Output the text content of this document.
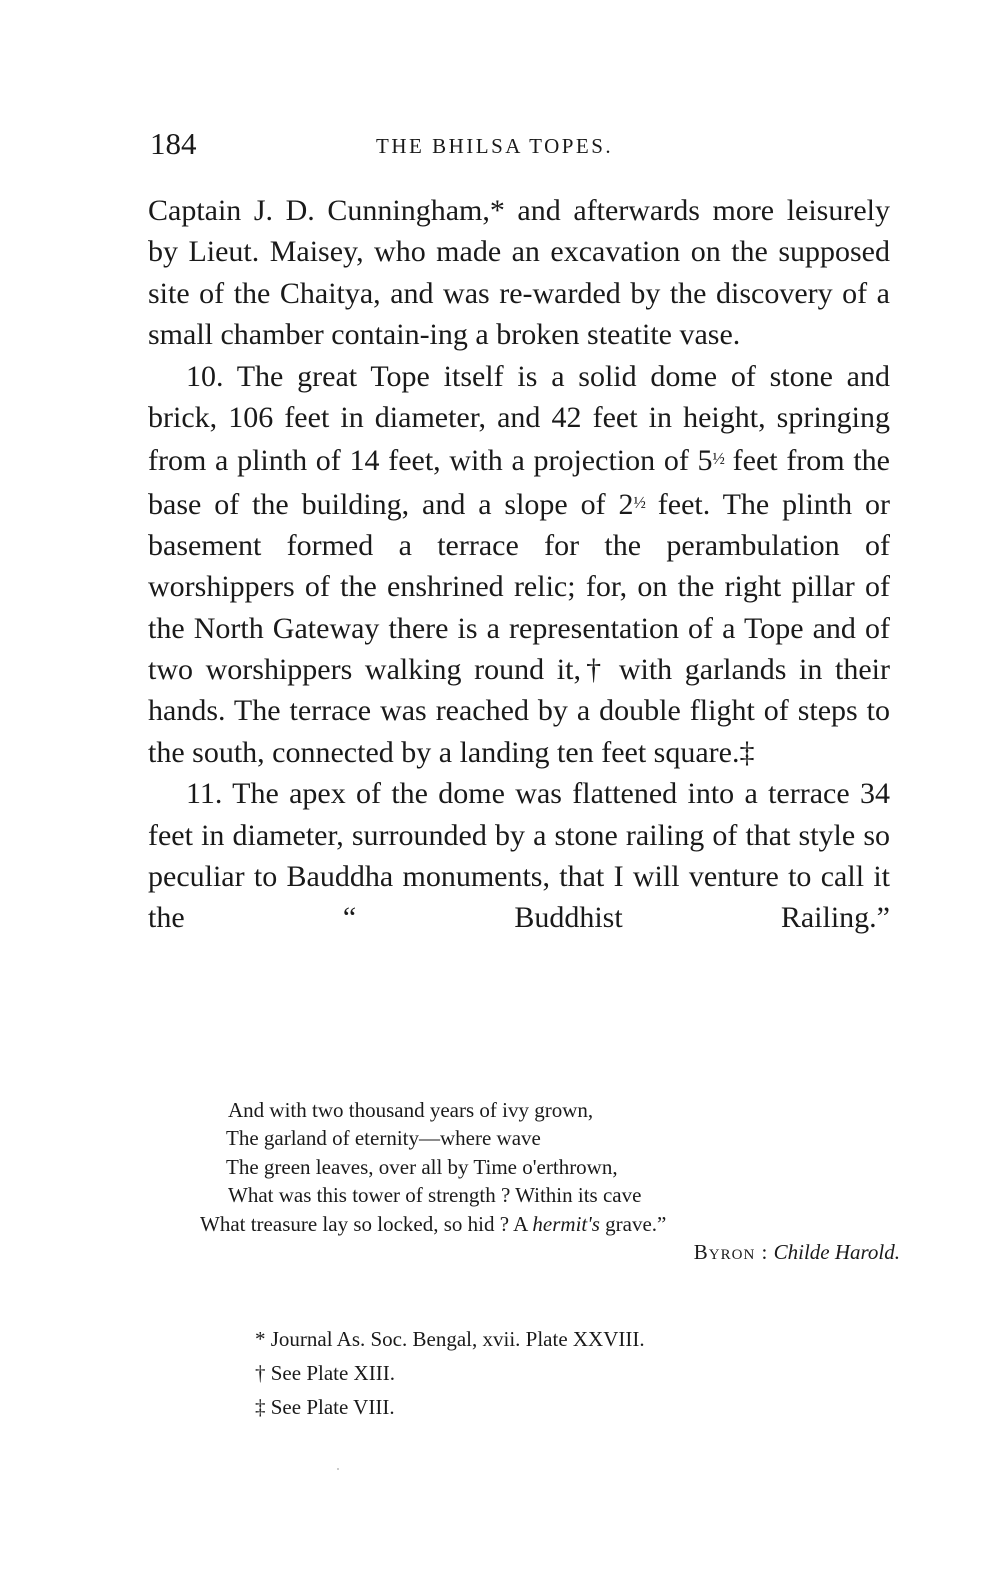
184	THE BHILSA TOPES.

Captain J. D. Cunningham,* and afterwards more leisurely by Lieut. Maisey, who made an excavation on the supposed site of the Chaitya, and was re-warded by the discovery of a small chamber contain-ing a broken steatite vase.

10. The great Tope itself is a solid dome of stone and brick, 106 feet in diameter, and 42 feet in height, springing from a plinth of 14 feet, with a projection of 5½ feet from the base of the building, and a slope of 2½ feet. The plinth or basement formed a terrace for the perambulation of worshippers of the enshrined relic; for, on the right pillar of the North Gateway there is a representation of a Tope and of two worshippers walking round it,† with garlands in their hands. The terrace was reached by a double flight of steps to the south, connected by a landing ten feet square.‡

11. The apex of the dome was flattened into a terrace 34 feet in diameter, surrounded by a stone railing of that style so peculiar to Bauddha monuments, that I will venture to call it the “ Buddhist Railing.”

And with two thousand years of ivy grown,
The garland of eternity—where wave
The green leaves, over all by Time o'erthrown,
What was this tower of strength ? Within its cave
What treasure lay so locked, so hid ? A hermit's grave.”
Byron : Childe Harold.
* Journal As. Soc. Bengal, xvii. Plate XXVIII.
† See Plate XIII.
‡ See Plate VIII.
